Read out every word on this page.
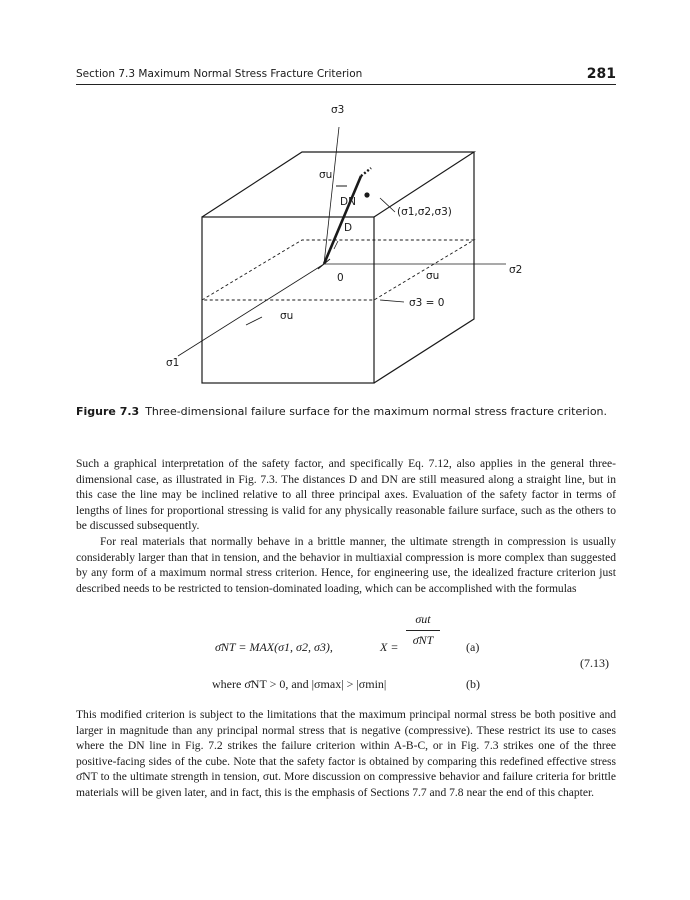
Section 7.3 Maximum Normal Stress Fracture Criterion	281
σ3
σu
DN
D
(σ1,σ2,σ3)
0	σu	σ2
σ3 = 0
σu
σ1
Figure 7.3 Three-dimensional failure surface for the maximum normal stress fracture criterion.

Such a graphical interpretation of the safety factor, and specifically Eq. 7.12, also applies in the general three-dimensional case, as illustrated in Fig. 7.3. The distances D and DN are still measured along a straight line, but in this case the line may be inclined relative to all three principal axes. Evaluation of the safety factor in terms of lengths of lines for proportional stressing is valid for any physically reasonable failure surface, such as the others to be discussed subsequently.

For real materials that normally behave in a brittle manner, the ultimate strength in compression is usually considerably larger than that in tension, and the behavior in multiaxial compression is more complex than suggested by any form of a maximum normal stress criterion. Hence, for engineering use, the idealized fracture criterion just described needs to be restricted to tension-dominated loading, which can be accomplished with the formulas

σ̄NT = MAX(σ1, σ2, σ3),	X =
σut
σ̄NT	(a)
(7.13)
where σ̄NT > 0, and |σmax| > |σmin|	(b)

This modified criterion is subject to the limitations that the maximum principal normal stress be both positive and larger in magnitude than any principal normal stress that is negative (compressive). These restrict its use to cases where the DN line in Fig. 7.2 strikes the failure criterion within A-B-C, or in Fig. 7.3 strikes one of the three positive-facing sides of the cube. Note that the safety factor is obtained by comparing this redefined effective stress σ̄NT to the ultimate strength in tension, σut. More discussion on compressive behavior and failure criteria for brittle materials will be given later, and in fact, this is the emphasis of Sections 7.7 and 7.8 near the end of this chapter.
